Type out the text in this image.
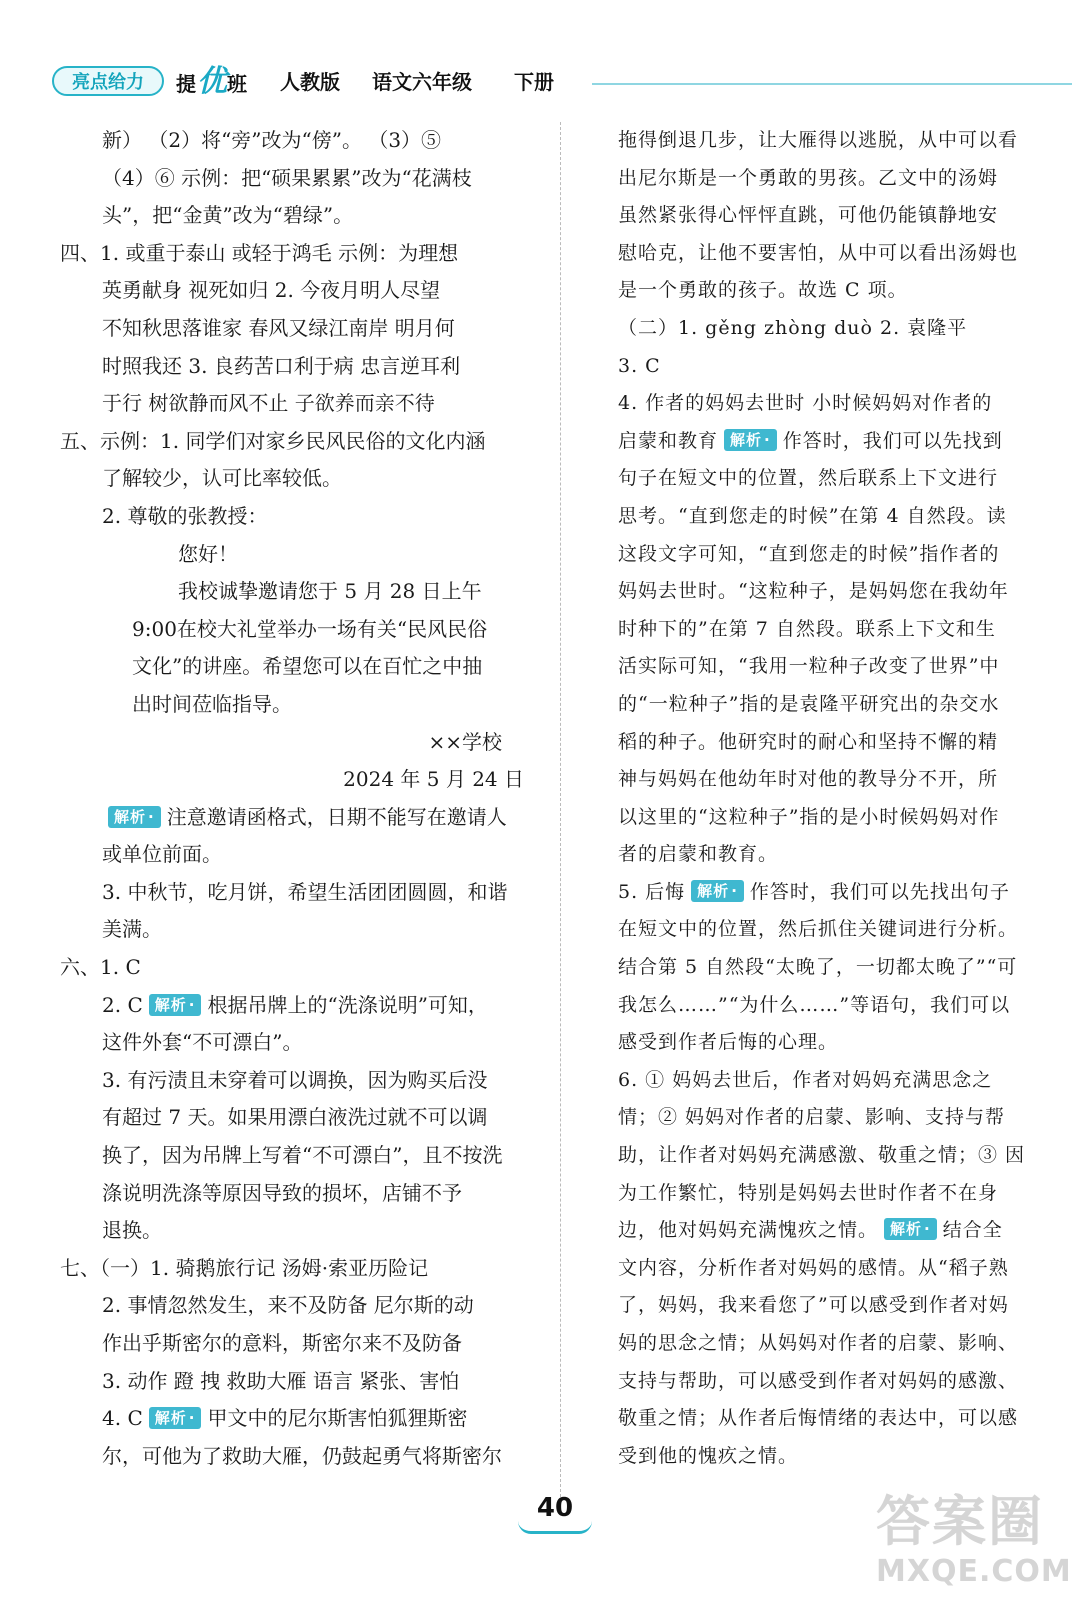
亮点给力	提优班 人教版 语文六年级 下册
新） （2）将“旁”改为“傍”。 （3）⑤
（4）⑥ 示例：把“硕果累累”改为“花满枝
头”，把“金黄”改为“碧绿”。
四、1. 或重于泰山 或轻于鸿毛 示例：为理想
英勇献身 视死如归 2. 今夜月明人尽望
不知秋思落谁家 春风又绿江南岸 明月何
时照我还 3. 良药苦口利于病 忠言逆耳利
于行 树欲静而风不止 子欲养而亲不待
五、示例：1. 同学们对家乡民风民俗的文化内涵
了解较少，认可比率较低。
2. 尊敬的张教授：
您好！
我校诚挚邀请您于 5 月 28 日上午
9:00在校大礼堂举办一场有关“民风民俗
文化”的讲座。希望您可以在百忙之中抽
出时间莅临指导。
××学校
2024 年 5 月 24 日
解析 · 注意邀请函格式，日期不能写在邀请人
或单位前面。
3. 中秋节，吃月饼，希望生活团团圆圆，和谐
美满。
六、1. C
2. C 解析 · 根据吊牌上的“洗涤说明”可知，
这件外套“不可漂白”。
3. 有污渍且未穿着可以调换，因为购买后没
有超过 7 天。如果用漂白液洗过就不可以调
换了，因为吊牌上写着“不可漂白”，且不按洗
涤说明洗涤等原因导致的损坏，店铺不予
退换。
七、（一）1. 骑鹅旅行记 汤姆·索亚历险记
2. 事情忽然发生，来不及防备 尼尔斯的动
作出乎斯密尔的意料，斯密尔来不及防备
3. 动作 蹬 拽 救助大雁 语言 紧张、害怕
4. C 解析 · 甲文中的尼尔斯害怕狐狸斯密
尔，可他为了救助大雁，仍鼓起勇气将斯密尔
拖得倒退几步，让大雁得以逃脱，从中可以看
出尼尔斯是一个勇敢的男孩。乙文中的汤姆
虽然紧张得心怦怦直跳，可他仍能镇静地安
慰哈克，让他不要害怕，从中可以看出汤姆也
是一个勇敢的孩子。故选 C 项。
（二）1. gěng zhòng duò 2. 袁隆平
3. C
4. 作者的妈妈去世时 小时候妈妈对作者的
启蒙和教育 解析 · 作答时，我们可以先找到
句子在短文中的位置，然后联系上下文进行
思考。“直到您走的时候”在第 4 自然段。读
这段文字可知，“直到您走的时候”指作者的
妈妈去世时。“这粒种子，是妈妈您在我幼年
时种下的”在第 7 自然段。联系上下文和生
活实际可知，“我用一粒种子改变了世界”中
的“一粒种子”指的是袁隆平研究出的杂交水
稻的种子。他研究时的耐心和坚持不懈的精
神与妈妈在他幼年时对他的教导分不开，所
以这里的“这粒种子”指的是小时候妈妈对作
者的启蒙和教育。
5. 后悔 解析 · 作答时，我们可以先找出句子
在短文中的位置，然后抓住关键词进行分析。
结合第 5 自然段“太晚了，一切都太晚了”“可
我怎么……”“为什么……”等语句，我们可以
感受到作者后悔的心理。
6. ① 妈妈去世后，作者对妈妈充满思念之
情；② 妈妈对作者的启蒙、影响、支持与帮
助，让作者对妈妈充满感激、敬重之情；③ 因
为工作繁忙，特别是妈妈去世时作者不在身
边，他对妈妈充满愧疚之情。 解析 · 结合全
文内容，分析作者对妈妈的感情。从“稻子熟
了，妈妈，我来看您了”可以感受到作者对妈
妈的思念之情；从妈妈对作者的启蒙、影响、
支持与帮助，可以感受到作者对妈妈的感激、
敬重之情；从作者后悔情绪的表达中，可以感
受到他的愧疚之情。
40	答案圈
MXQE.COM
